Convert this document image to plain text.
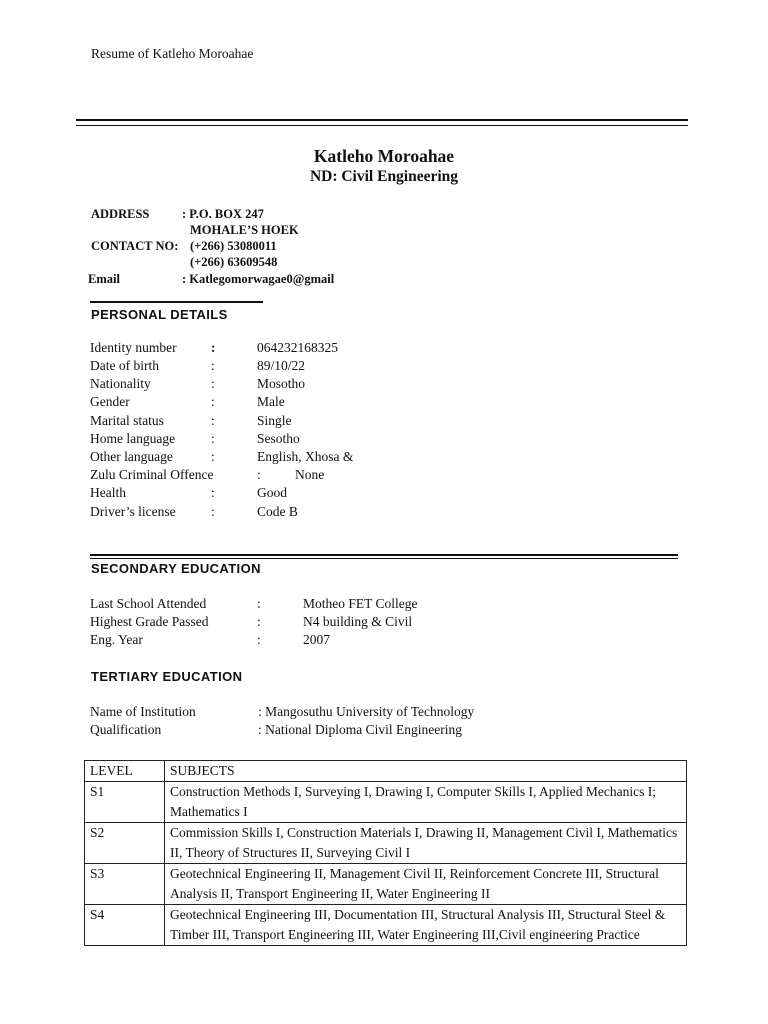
Resume of Katleho Moroahae
Katleho Moroahae
ND: Civil Engineering
ADDRESS	: P.O. BOX 247
MOHALE’S HOEK
CONTACT NO: (+266) 53080011
(+266) 63609548
Email	: Katlegomorwagae0@gmail
PERSONAL DETAILS
Identity number	:	064232168325
Date of birth	:	89/10/22
Nationality	:	Mosotho
Gender	:	Male
Marital status	:	Single
Home language	:	Sesotho
Other language	:	English, Xhosa &
Zulu Criminal Offence	:	None
Health	:	Good
Driver’s license	:	Code B
SECONDARY EDUCATION
Last School Attended	:	Motheo FET College
Highest Grade Passed	:	N4 building & Civil
Eng. Year	:	2007
TERTIARY EDUCATION
Name of Institution	: Mangosuthu University of Technology
Qualification	: National Diploma Civil Engineering
LEVEL	SUBJECTS
S1	Construction Methods I, Surveying I, Drawing I, Computer Skills I, Applied Mechanics I; Mathematics I
S2	Commission Skills I, Construction Materials I, Drawing II, Management Civil I, Mathematics II, Theory of Structures II, Surveying Civil I
S3	Geotechnical Engineering II, Management Civil II, Reinforcement Concrete III, Structural Analysis II, Transport Engineering II, Water Engineering II
S4	Geotechnical Engineering III, Documentation III, Structural Analysis III, Structural Steel & Timber III, Transport Engineering III, Water Engineering III,Civil engineering Practice
